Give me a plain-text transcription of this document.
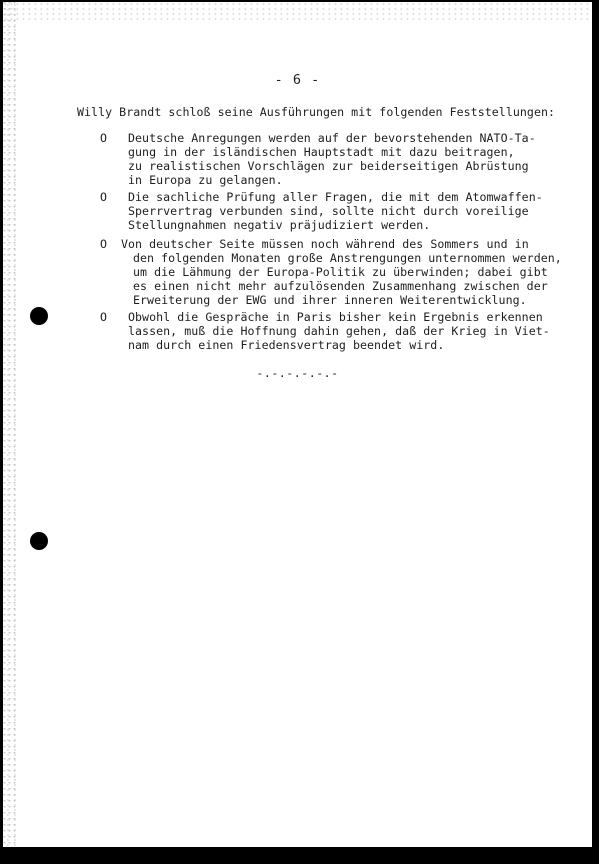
- 6 -
Willy Brandt schloß seine Ausführungen mit folgenden Feststellungen:
O Deutsche Anregungen werden auf der bevorstehenden NATO-Ta-
gung in der isländischen Hauptstadt mit dazu beitragen,
zu realistischen Vorschlägen zur beiderseitigen Abrüstung
in Europa zu gelangen.
O Die sachliche Prüfung aller Fragen, die mit dem Atomwaffen-
Sperrvertrag verbunden sind, sollte nicht durch voreilige
Stellungnahmen negativ präjudiziert werden.
O Von deutscher Seite müssen noch während des Sommers und in
den folgenden Monaten große Anstrengungen unternommen werden,
um die Lähmung der Europa-Politik zu überwinden; dabei gibt
es einen nicht mehr aufzulösenden Zusammenhang zwischen der
Erweiterung der EWG und ihrer inneren Weiterentwicklung.
O Obwohl die Gespräche in Paris bisher kein Ergebnis erkennen
lassen, muß die Hoffnung dahin gehen, daß der Krieg in Viet-
nam durch einen Friedensvertrag beendet wird.
-.-.-.-.-.-
